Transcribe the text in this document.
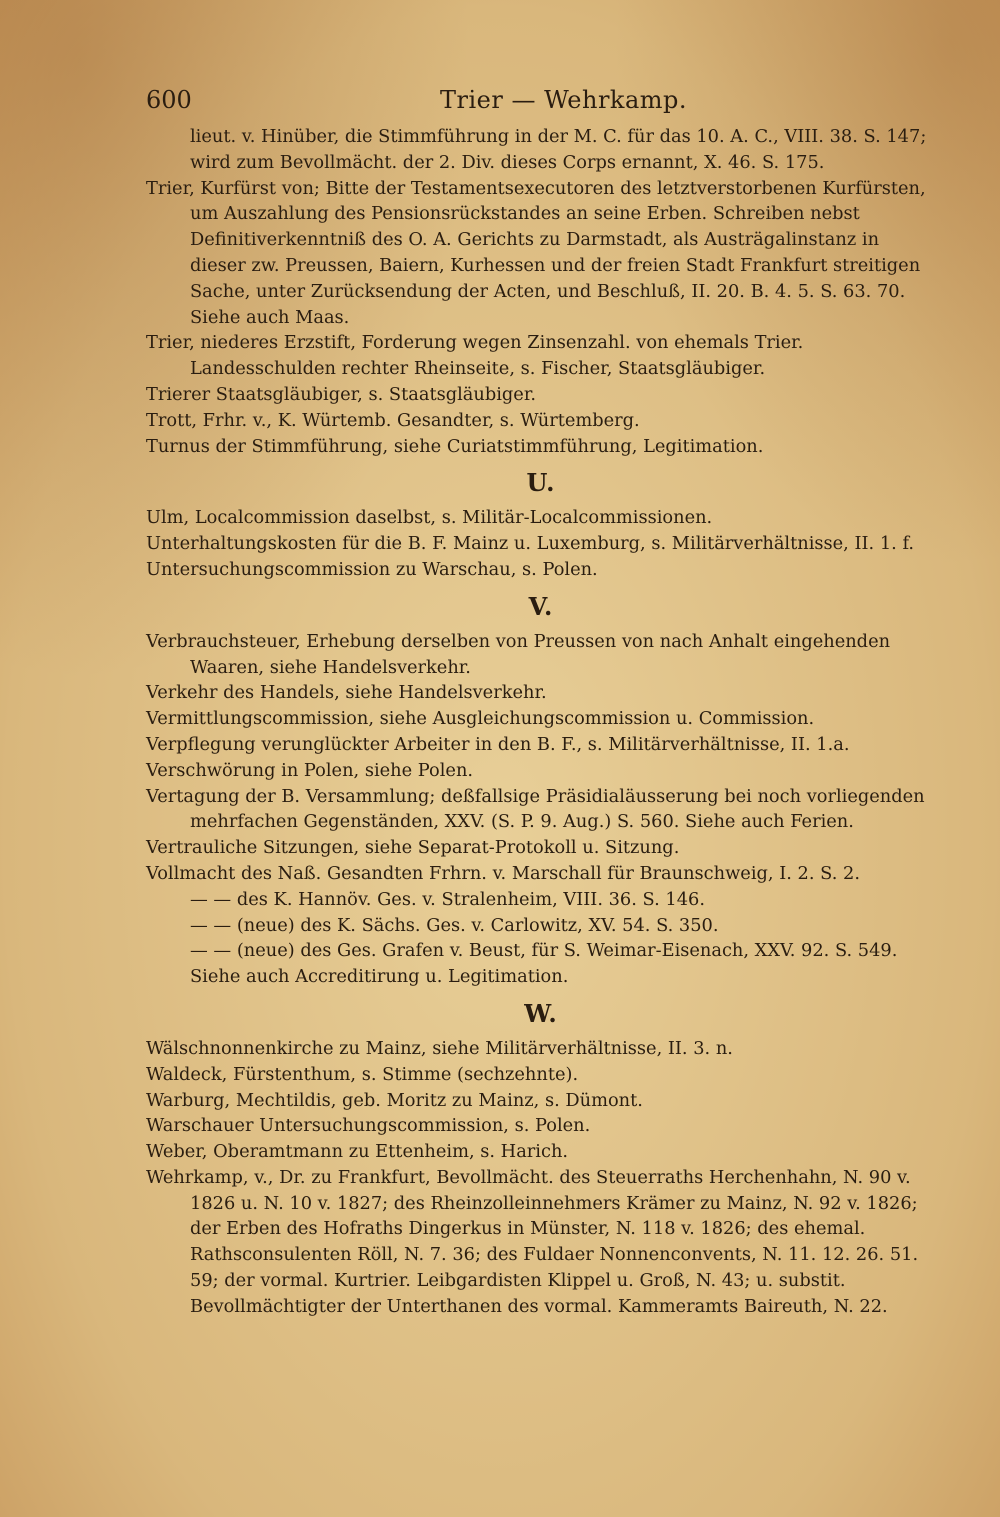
600	Trier — Wehrkamp.

lieut. v. Hinüber, die Stimmführung in der M. C. für das 10. A. C., VIII. 38. S. 147; wird zum Bevollmächt. der 2. Div. dieses Corps ernannt, X. 46. S. 175.

Trier, Kurfürst von; Bitte der Testamentsexecutoren des letztverstorbenen Kurfürsten, um Auszahlung des Pensionsrückstandes an seine Erben. Schreiben nebst Definitiverkenntniß des O. A. Gerichts zu Darmstadt, als Austrägalinstanz in dieser zw. Preussen, Baiern, Kurhessen und der freien Stadt Frankfurt streitigen Sache, unter Zurücksendung der Acten, und Beschluß, II. 20. B. 4. 5. S. 63. 70. Siehe auch Maas.

Trier, niederes Erzstift, Forderung wegen Zinsenzahl. von ehemals Trier. Landesschulden rechter Rheinseite, s. Fischer, Staatsgläubiger.

Trierer Staatsgläubiger, s. Staatsgläubiger.

Trott, Frhr. v., K. Würtemb. Gesandter, s. Würtemberg.

Turnus der Stimmführung, siehe Curiatstimmführung, Legitimation.

U.

Ulm, Localcommission daselbst, s. Militär-Localcommissionen.

Unterhaltungskosten für die B. F. Mainz u. Luxemburg, s. Militärverhältnisse, II. 1. f.

Untersuchungscommission zu Warschau, s. Polen.

V.

Verbrauchsteuer, Erhebung derselben von Preussen von nach Anhalt eingehenden Waaren, siehe Handelsverkehr.

Verkehr des Handels, siehe Handelsverkehr.

Vermittlungscommission, siehe Ausgleichungscommission u. Commission.

Verpflegung verunglückter Arbeiter in den B. F., s. Militärverhältnisse, II. 1.a.

Verschwörung in Polen, siehe Polen.

Vertagung der B. Versammlung; deßfallsige Präsidialäusserung bei noch vorliegenden mehrfachen Gegenständen, XXV. (S. P. 9. Aug.) S. 560. Siehe auch Ferien.

Vertrauliche Sitzungen, siehe Separat-Protokoll u. Sitzung.

Vollmacht des Naß. Gesandten Frhrn. v. Marschall für Braunschweig, I. 2. S. 2.

— — des K. Hannöv. Ges. v. Stralenheim, VIII. 36. S. 146.

— — (neue) des K. Sächs. Ges. v. Carlowitz, XV. 54. S. 350.

— — (neue) des Ges. Grafen v. Beust, für S. Weimar-Eisenach, XXV. 92. S. 549. Siehe auch Accreditirung u. Legitimation.

W.

Wälschnonnenkirche zu Mainz, siehe Militärverhältnisse, II. 3. n.

Waldeck, Fürstenthum, s. Stimme (sechzehnte).

Warburg, Mechtildis, geb. Moritz zu Mainz, s. Dümont.

Warschauer Untersuchungscommission, s. Polen.

Weber, Oberamtmann zu Ettenheim, s. Harich.

Wehrkamp, v., Dr. zu Frankfurt, Bevollmächt. des Steuerraths Herchenhahn, N. 90 v. 1826 u. N. 10 v. 1827; des Rheinzolleinnehmers Krämer zu Mainz, N. 92 v. 1826; der Erben des Hofraths Dingerkus in Münster, N. 118 v. 1826; des ehemal. Rathsconsulenten Röll, N. 7. 36; des Fuldaer Nonnenconvents, N. 11. 12. 26. 51. 59; der vormal. Kurtrier. Leibgardisten Klippel u. Groß, N. 43; u. substit. Bevollmächtigter der Unterthanen des vormal. Kammeramts Baireuth, N. 22.
